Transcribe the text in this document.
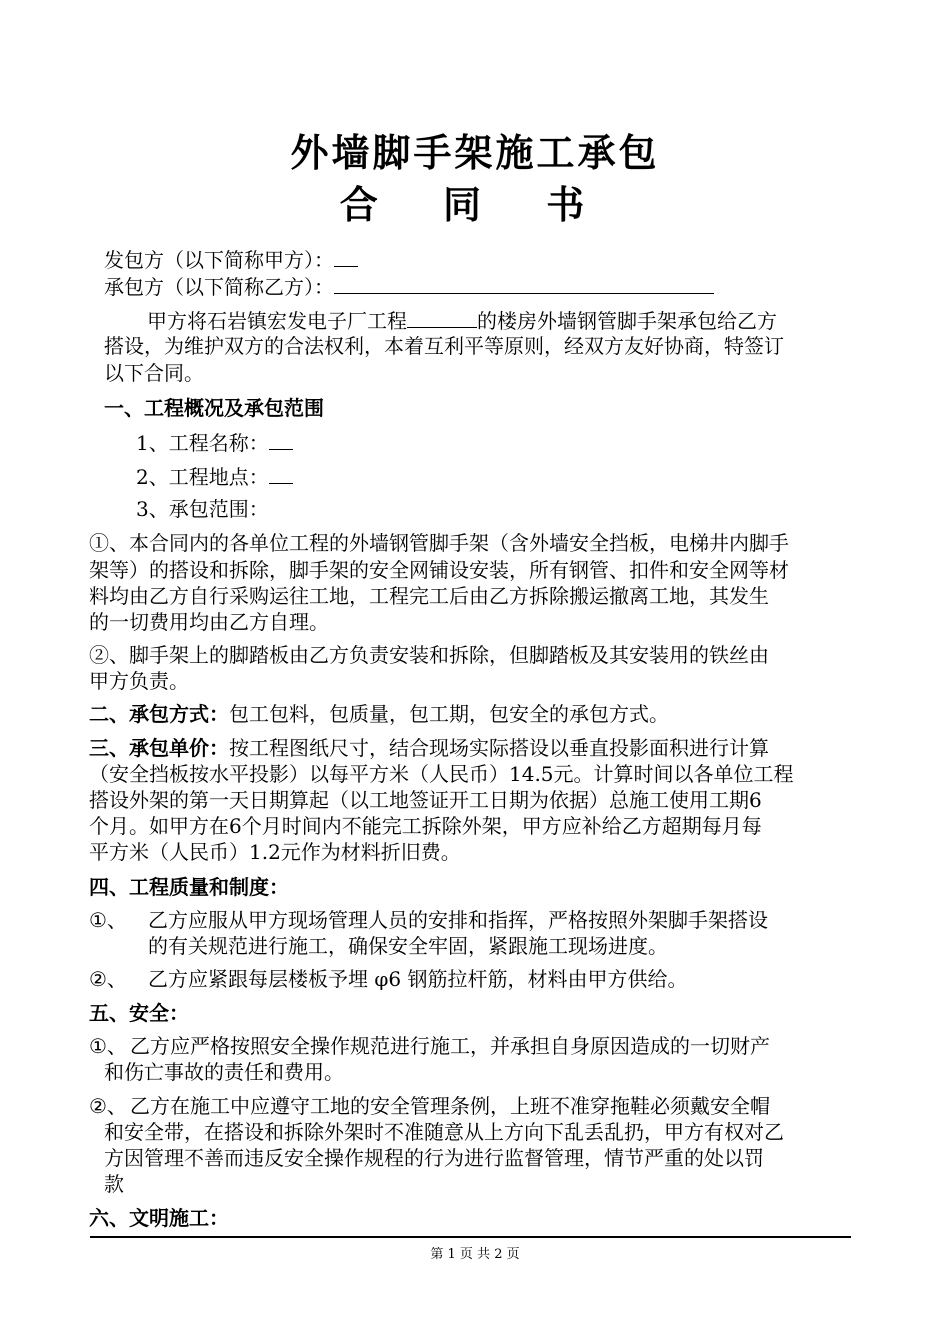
外墙脚手架施工承包
合 同 书
发包方（以下简称甲方）：
承包方（以下简称乙方）：
甲方将石岩镇宏发电子厂工程	的楼房外墙钢管脚手架承包给乙方
搭设，为维护双方的合法权利，本着互利平等原则，经双方友好协商，特签订
以下合同。
一、工程概况及承包范围
1、工程名称：
2、工程地点：
3、承包范围：
①、本合同内的各单位工程的外墙钢管脚手架（含外墙安全挡板，电梯井内脚手
架等）的搭设和拆除，脚手架的安全网铺设安装，所有钢管、扣件和安全网等材
料均由乙方自行采购运往工地，工程完工后由乙方拆除搬运撤离工地，其发生
的一切费用均由乙方自理。
②、脚手架上的脚踏板由乙方负责安装和拆除，但脚踏板及其安装用的铁丝由
甲方负责。
二、承包方式：包工包料，包质量，包工期，包安全的承包方式。
三、承包单价：按工程图纸尺寸，结合现场实际搭设以垂直投影面积进行计算
（安全挡板按水平投影）以每平方米（人民币）14.5元。计算时间以各单位工程
搭设外架的第一天日期算起（以工地签证开工日期为依据）总施工使用工期6
个月。如甲方在6个月时间内不能完工拆除外架，甲方应补给乙方超期每月每
平方米（人民币）1.2元作为材料折旧费。
四、工程质量和制度：
①、 乙方应服从甲方现场管理人员的安排和指挥，严格按照外架脚手架搭设
的有关规范进行施工，确保安全牢固，紧跟施工现场进度。
②、 乙方应紧跟每层楼板予埋 φ6 钢筋拉杆筋，材料由甲方供给。
五、安全：
①、 乙方应严格按照安全操作规范进行施工，并承担自身原因造成的一切财产
和伤亡事故的责任和费用。
②、 乙方在施工中应遵守工地的安全管理条例，上班不准穿拖鞋必须戴安全帽
和安全带，在搭设和拆除外架时不准随意从上方向下乱丢乱扔，甲方有权对乙
方因管理不善而违反安全操作规程的行为进行监督管理，情节严重的处以罚
款
六、文明施工：
第 1 页 共 2 页
